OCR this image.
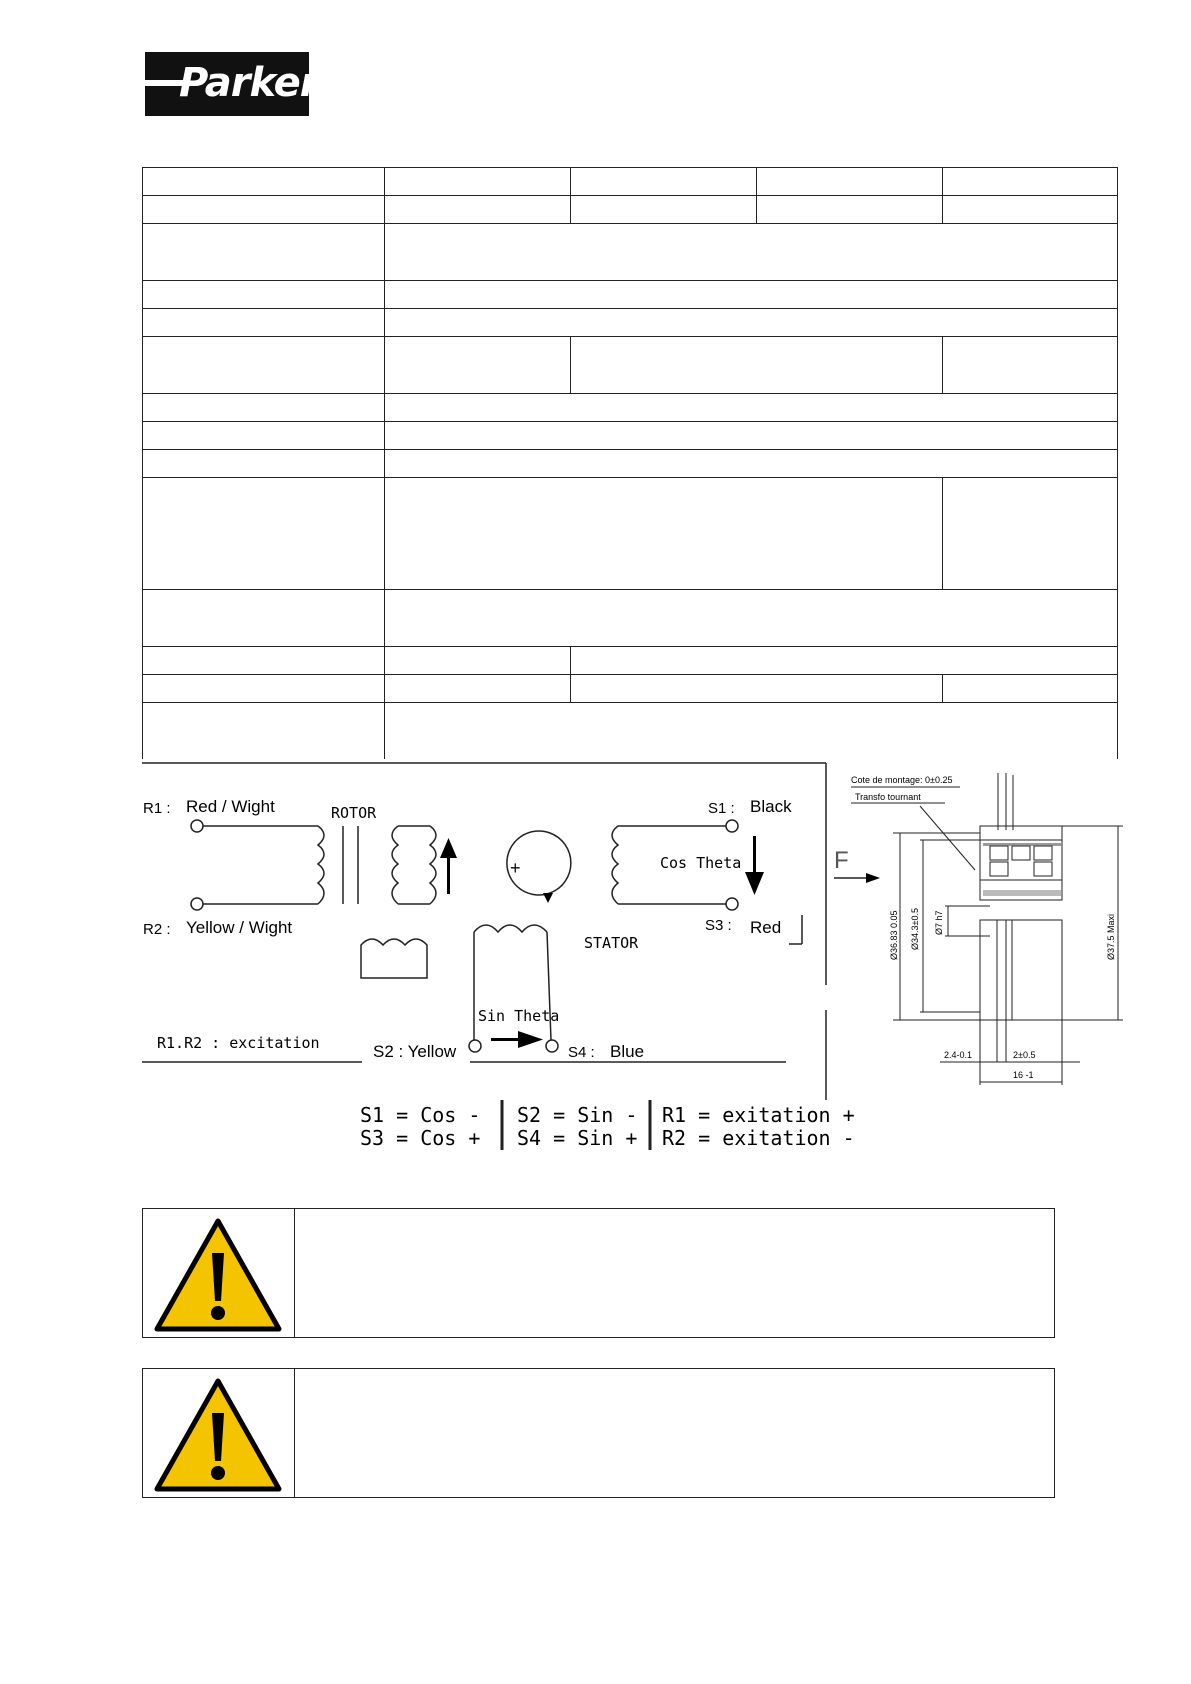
Parker

R1 : Red / Wight
R2 : Yellow / Wight
ROTOR
STATOR
+
S1 : Black
S3 : Red
Cos Theta
Sin Theta
S2 : Yellow	S4 : Blue
R1.R2 : excitation
F
S1 = Cos -
S3 = Cos +
S2 = Sin -
S4 = Sin +
R1 = exitation +
R2 = exitation -
Cote de montage: 0±0.25
Transfo tournant
Ø36.83 0.05 Ø34.3±0.5 Ø7 h7	Ø37.5 Maxi
2.4-0.1	2±0.5
16 -1
